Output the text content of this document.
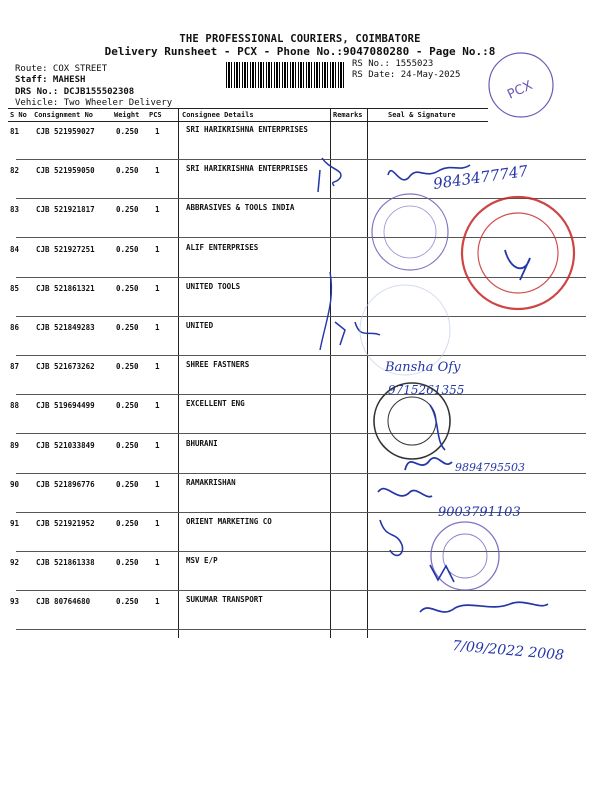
THE PROFESSIONAL COURIERS, COIMBATORE
Delivery Runsheet - PCX - Phone No.:9047080280 - Page No.:8
Route: COX STREET
Staff: MAHESH
DRS No.: DCJB155502308
Vehicle: Two Wheeler Delivery
RS No.: 1555023
RS Date: 24-May-2025
S No Consignment No	Weight PCS	Consignee Details	Remarks	Seal & Signature
81 CJB 521959027	0.250 1	SRI HARIKRISHNA ENTERPRISES
82 CJB 521959050	0.250 1	SRI HARIKRISHNA ENTERPRISES
83 CJB 521921817	0.250 1	ABBRASIVES & TOOLS INDIA
84 CJB 521927251	0.250 1	ALIF ENTERPRISES
85 CJB 521861321	0.250 1	UNITED TOOLS
86 CJB 521849283	0.250 1	UNITED
87 CJB 521673262	0.250 1	SHREE FASTNERS
88 CJB 519694499	0.250 1	EXCELLENT ENG
89 CJB 521033849	0.250 1	BHURANI
90 CJB 521896776	0.250 1	RAMAKRISHAN
91 CJB 521921952	0.250 1	ORIENT MARKETING CO
92 CJB 521861338	0.250 1	MSV E/P
93 CJB 80764680	0.250 1	SUKUMAR TRANSPORT
PCX
9843477747
Bansha Ofy
9715261355
9894795503
9003791103
7/09/2022 2008
